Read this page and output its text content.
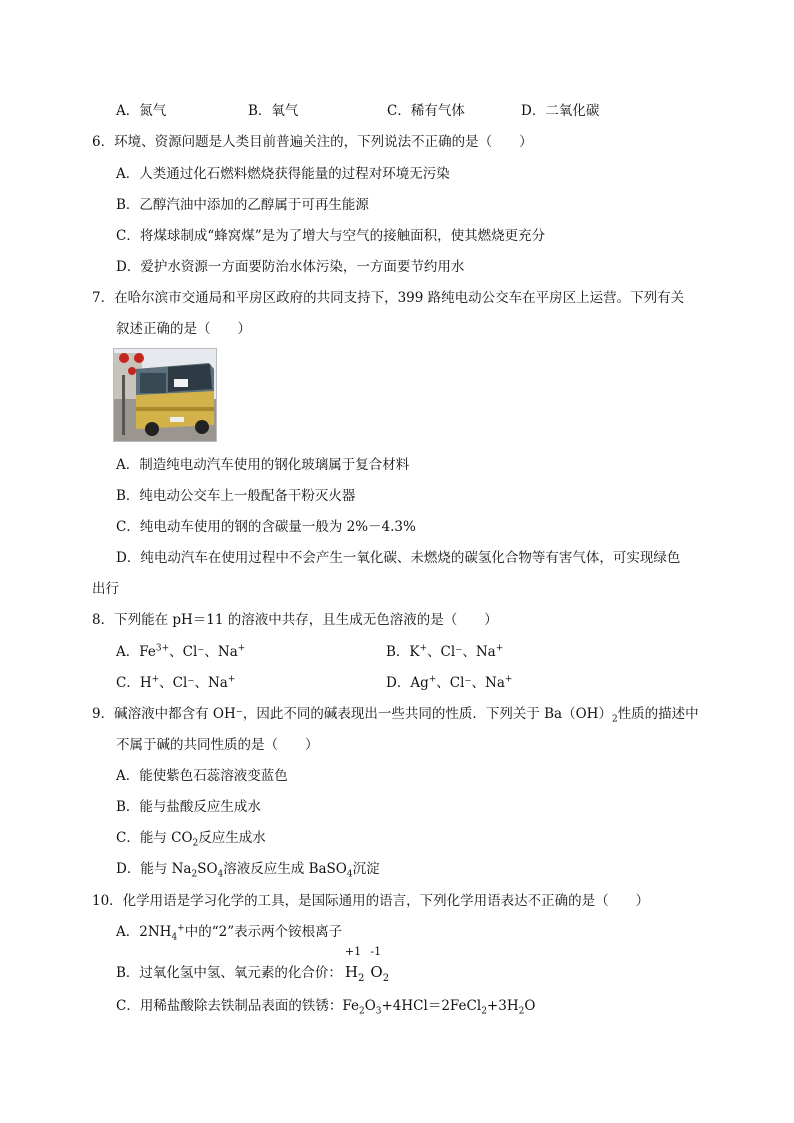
A．氮气	B．氧气	C．稀有气体	D．二氧化碳
6．环境、资源问题是人类目前普遍关注的，下列说法不正确的是（　　）
A．人类通过化石燃料燃烧获得能量的过程对环境无污染
B．乙醇汽油中添加的乙醇属于可再生能源
C．将煤球制成“蜂窝煤”是为了增大与空气的接触面积，使其燃烧更充分
D．爱护水资源一方面要防治水体污染，一方面要节约用水
7．在哈尔滨市交通局和平房区政府的共同支持下，399 路纯电动公交车在平房区上运营。下列有关
叙述正确的是（　　）
A．制造纯电动汽车使用的钢化玻璃属于复合材料
B．纯电动公交车上一般配备干粉灭火器
C．纯电动车使用的钢的含碳量一般为 2%－4.3%
D．纯电动汽车在使用过程中不会产生一氧化碳、未燃烧的碳氢化合物等有害气体，可实现绿色
出行
8．下列能在 pH＝11 的溶液中共存，且生成无色溶液的是（　　）
A．$Fe^{3+}$、Cl⁻、Na+	B．K+、Cl⁻、Na+
C．H+、Cl⁻、Na+	D．Ag+、Cl⁻、Na+
9．碱溶液中都含有 OH⁻，因此不同的碱表现出一些共同的性质．下列关于 $Ba(OH)_2$性质的描述中
不属于碱的共同性质的是（　　）
A．能使紫色石蕊溶液变蓝色
B．能与盐酸反应生成水
C．能与 $CO_2$反应生成水
D．能与 $Na_2SO_4$溶液反应生成 BaSO$_4$沉淀
10．化学用语是学习化学的工具，是国际通用的语言，下列化学用语表达不正确的是（　　）
A．$2NH_4^+$中的“2”表示两个铵根离子
B．过氧化氢中氢、氧元素的化合价：
+1
$H_2$
-1
$O_2$
C．用稀盐酸除去铁制品表面的铁锈：$Fe_2O_3+4HCl=2FeCl_2+3H_2O$
